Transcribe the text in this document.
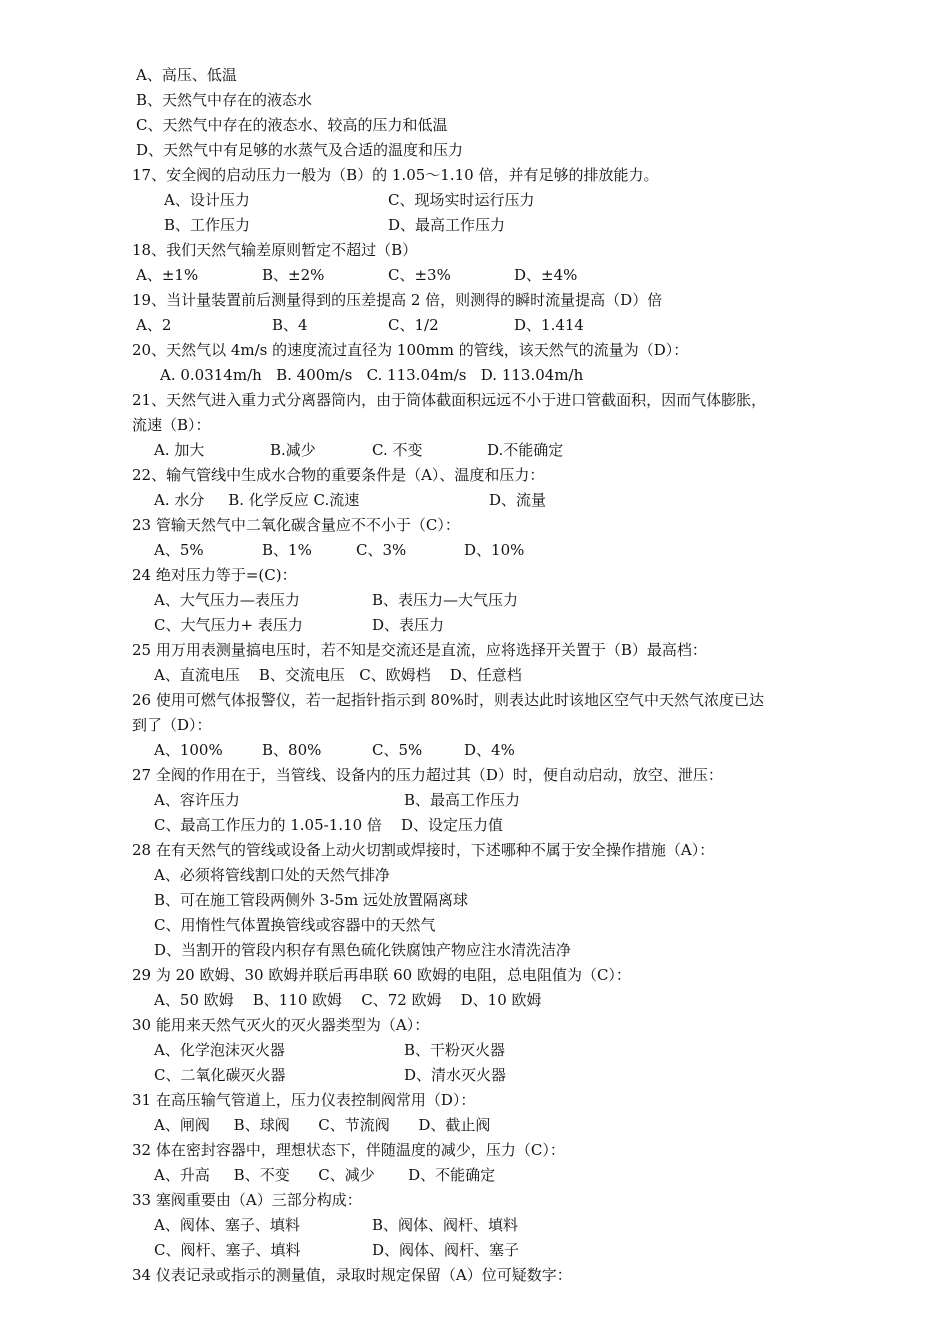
A、高压、低温
B、天然气中存在的液态水
C、天然气中存在的液态水、较高的压力和低温
D、天然气中有足够的水蒸气及合适的温度和压力
17、安全阀的启动压力一般为（B）的 1.05～1.10 倍，并有足够的排放能力。
A、设计压力	C、现场实时运行压力
B、工作压力	D、最高工作压力
18、我们天然气输差原则暂定不超过（B）
A、±1%	B、±2%	C、±3%	D、±4%
19、当计量装置前后测量得到的压差提高 2 倍，则测得的瞬时流量提高（D）倍
A、2	B、4	C、1/2	D、1.414
20、天然气以 4m/s 的速度流过直径为 100mm 的管线，该天然气的流量为（D）：
A. 0.0314m/h   B. 400m/s   C. 113.04m/s   D. 113.04m/h
21、天然气进入重力式分离器筒内，由于筒体截面积远远不小于进口管截面积，因而气体膨胀，
流速（B）：
A. 加大	B.减少	C. 不变	D.不能确定
22、输气管线中生成水合物的重要条件是（A）、温度和压力：
A. 水分     B. 化学反应 C.流速	D、流量
23 管输天然气中二氧化碳含量应不不小于（C）：
A、5%	B、1%	C、3%	D、10%
24 绝对压力等于=(C)：
A、大气压力—表压力	B、表压力—大气压力
C、大气压力+ 表压力	D、表压力
25 用万用表测量搞电压时，若不知是交流还是直流，应将选择开关置于（B）最高档：
A、直流电压    B、交流电压   C、欧姆档    D、任意档
26 使用可燃气体报警仪，若一起指针指示到 80%时，则表达此时该地区空气中天然气浓度已达
到了（D）：
A、100%	B、80%	C、5%	D、4%
27 全阀的作用在于，当管线、设备内的压力超过其（D）时，便自动启动，放空、泄压：
A、容许压力	B、最高工作压力
C、最高工作压力的 1.05-1.10 倍    D、设定压力值
28 在有天然气的管线或设备上动火切割或焊接时，下述哪种不属于安全操作措施（A）：
A、必须将管线割口处的天然气排净
B、可在施工管段两侧外 3-5m 远处放置隔离球
C、用惰性气体置换管线或容器中的天然气
D、当割开的管段内积存有黑色硫化铁腐蚀产物应注水清洗洁净
29 为 20 欧姆、30 欧姆并联后再串联 60 欧姆的电阻，总电阻值为（C）：
A、50 欧姆    B、110 欧姆    C、72 欧姆    D、10 欧姆
30 能用来天然气灭火的灭火器类型为（A）：
A、化学泡沫灭火器	B、干粉灭火器
C、二氧化碳灭火器	D、清水灭火器
31 在高压输气管道上，压力仪表控制阀常用（D）：
A、闸阀     B、球阀      C、节流阀      D、截止阀
32 体在密封容器中，理想状态下，伴随温度的减少，压力（C）：
A、升高     B、不变      C、减少       D、不能确定
33 塞阀重要由（A）三部分构成：
A、阀体、塞子、填料	B、阀体、阀杆、填料
C、阀杆、塞子、填料	D、阀体、阀杆、塞子
34 仪表记录或指示的测量值，录取时规定保留（A）位可疑数字：
